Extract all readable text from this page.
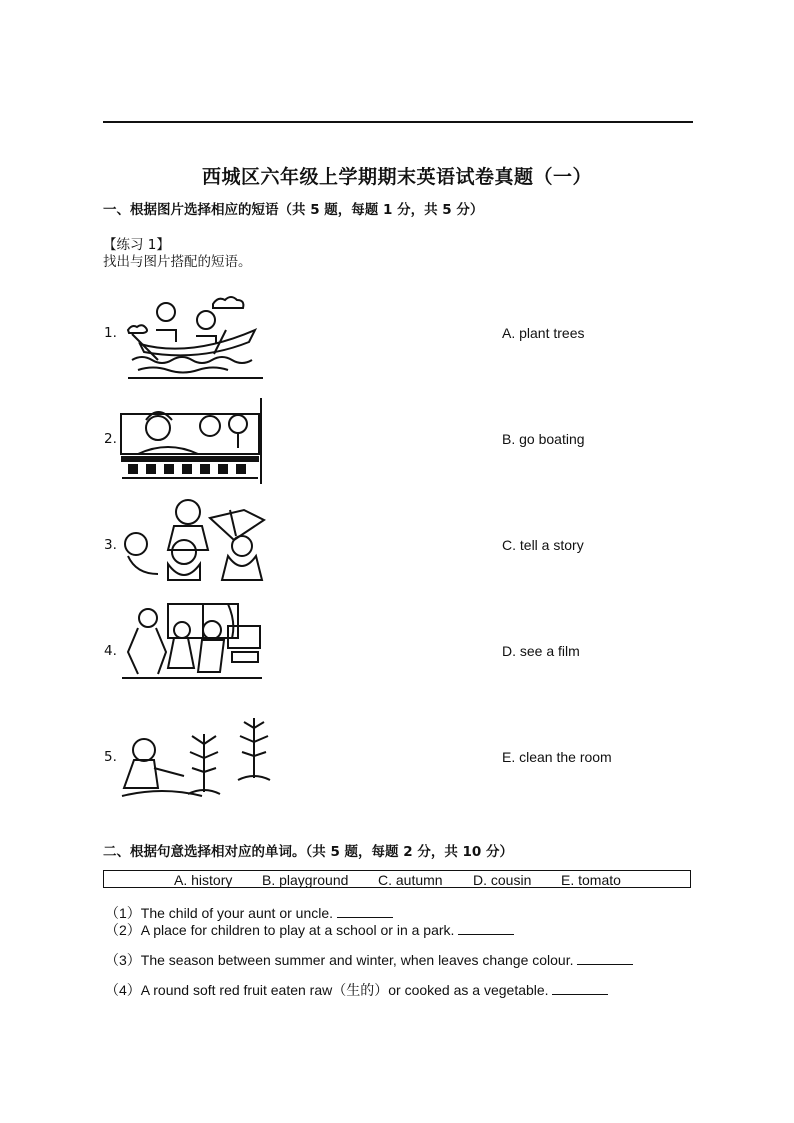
西城区六年级上学期期末英语试卷真题（一）
一、根据图片选择相应的短语（共 5 题，每题 1 分，共 5 分）
【练习 1】
找出与图片搭配的短语。
1.	A. plant trees
2.	B. go boating
3.	C. tell a story
4.	D. see a film
5.	E. clean the room
二、根据句意选择相对应的单词。（共 5 题，每题 2 分，共 10 分）
A. history B. playground C. autumn D. cousin E. tomato
（1）The child of your aunt or uncle.
（2）A place for children to play at a school or in a park.
（3）The season between summer and winter, when leaves change colour.
（4）A round soft red fruit eaten raw（生的）or cooked as a vegetable.
